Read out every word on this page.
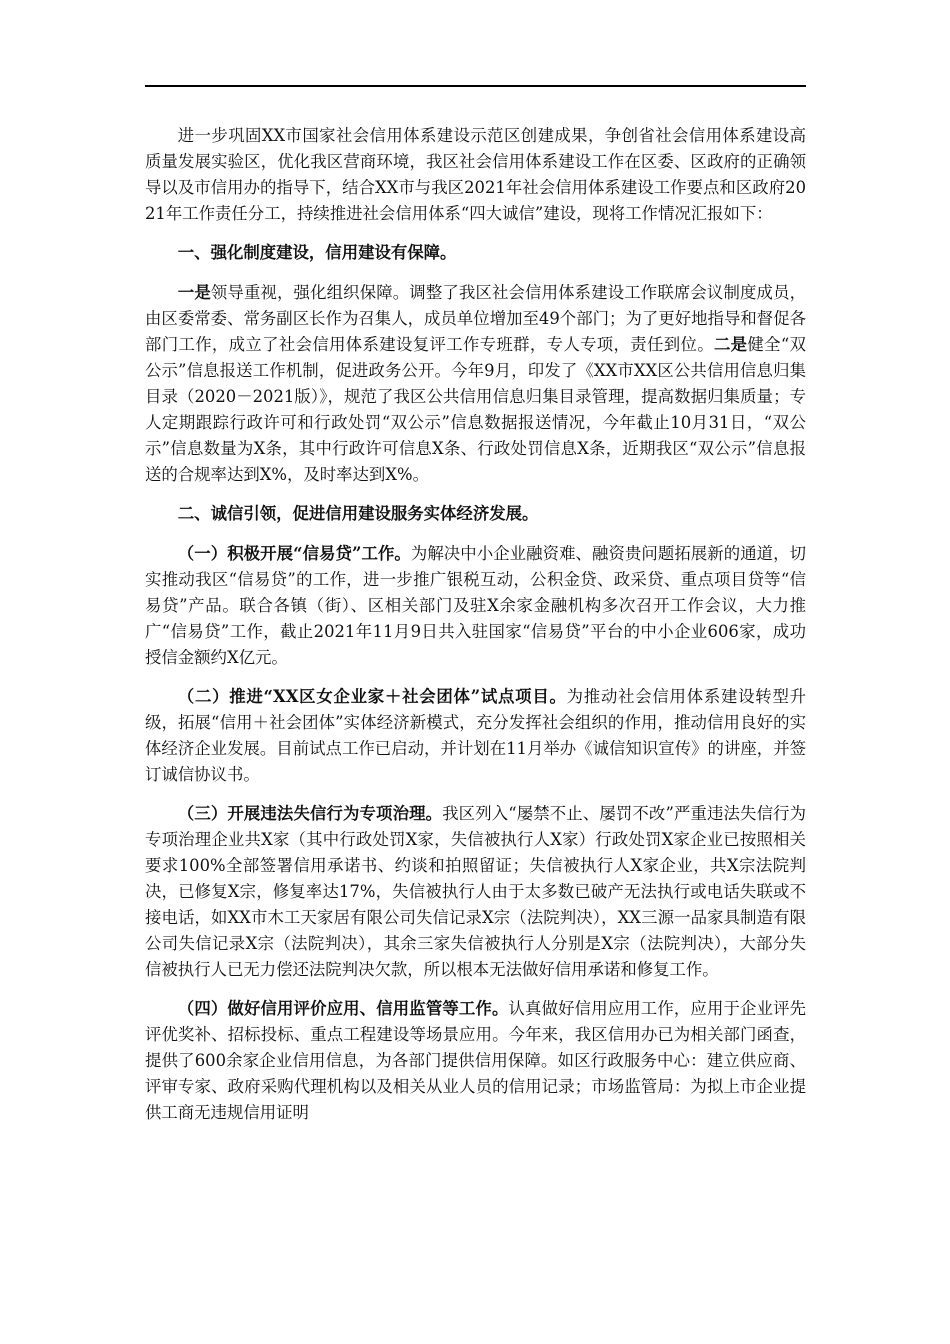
进一步巩固XX市国家社会信用体系建设示范区创建成果，争创省社会信用体系建设高质量发展实验区，优化我区营商环境，我区社会信用体系建设工作在区委、区政府的正确领导以及市信用办的指导下，结合XX市与我区2021年社会信用体系建设工作要点和区政府2021年工作责任分工，持续推进社会信用体系“四大诚信”建设，现将工作情况汇报如下：

一、强化制度建设，信用建设有保障。

一是领导重视，强化组织保障。调整了我区社会信用体系建设工作联席会议制度成员，由区委常委、常务副区长作为召集人，成员单位增加至49个部门；为了更好地指导和督促各部门工作，成立了社会信用体系建设复评工作专班群，专人专项，责任到位。二是健全“双公示”信息报送工作机制，促进政务公开。今年9月，印发了《XX市XX区公共信用信息归集目录（2020－2021版）》，规范了我区公共信用信息归集目录管理，提高数据归集质量；专人定期跟踪行政许可和行政处罚“双公示”信息数据报送情况，今年截止10月31日，“双公示”信息数量为X条，其中行政许可信息X条、行政处罚信息X条，近期我区“双公示”信息报送的合规率达到X%，及时率达到X%。

二、诚信引领，促进信用建设服务实体经济发展。

（一）积极开展“信易贷”工作。为解决中小企业融资难、融资贵问题拓展新的通道，切实推动我区“信易贷”的工作，进一步推广银税互动，公积金贷、政采贷、重点项目贷等“信易贷”产品。联合各镇（街）、区相关部门及驻X余家金融机构多次召开工作会议，大力推广“信易贷”工作，截止2021年11月9日共入驻国家“信易贷”平台的中小企业606家，成功授信金额约X亿元。

（二）推进“XX区女企业家＋社会团体”试点项目。为推动社会信用体系建设转型升级，拓展“信用＋社会团体”实体经济新模式，充分发挥社会组织的作用，推动信用良好的实体经济企业发展。目前试点工作已启动，并计划在11月举办《诚信知识宣传》的讲座，并签订诚信协议书。

（三）开展违法失信行为专项治理。我区列入“屡禁不止、屡罚不改”严重违法失信行为专项治理企业共X家（其中行政处罚X家，失信被执行人X家）行政处罚X家企业已按照相关要求100%全部签署信用承诺书、约谈和拍照留证；失信被执行人X家企业，共X宗法院判决，已修复X宗，修复率达17%，失信被执行人由于太多数已破产无法执行或电话失联或不接电话，如XX市木工天家居有限公司失信记录X宗（法院判决），XX三源一品家具制造有限公司失信记录X宗（法院判决），其余三家失信被执行人分别是X宗（法院判决），大部分失信被执行人已无力偿还法院判决欠款，所以根本无法做好信用承诺和修复工作。

（四）做好信用评价应用、信用监管等工作。认真做好信用应用工作，应用于企业评先评优奖补、招标投标、重点工程建设等场景应用。今年来，我区信用办已为相关部门函查，提供了600余家企业信用信息，为各部门提供信用保障。如区行政服务中心：建立供应商、评审专家、政府采购代理机构以及相关从业人员的信用记录；市场监管局：为拟上市企业提供工商无违规信用证明
